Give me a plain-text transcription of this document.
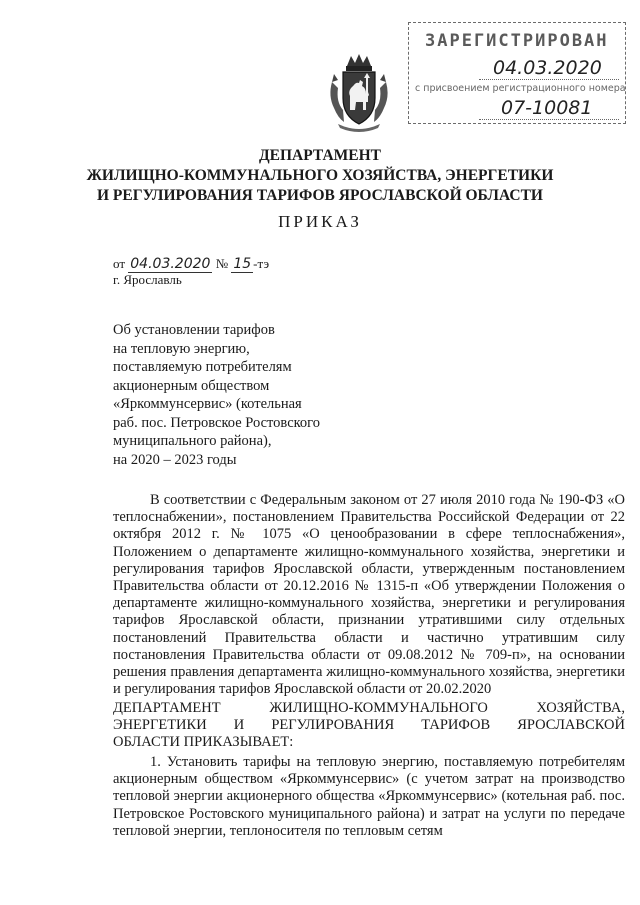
ЗАРЕГИСТРИРОВАН
04.03.2020
с присвоением регистрационного номера
07-10081
ДЕПАРТАМЕНТ
ЖИЛИЩНО-КОММУНАЛЬНОГО ХОЗЯЙСТВА, ЭНЕРГЕТИКИ
И РЕГУЛИРОВАНИЯ ТАРИФОВ ЯРОСЛАВСКОЙ ОБЛАСТИ
ПРИКАЗ
от 04.03.2020 № 15 -тэ
г. Ярославль
Об установлении тарифов
на тепловую энергию,
поставляемую потребителям
акционерным обществом
«Яркоммунсервис» (котельная
раб. пос. Петровское Ростовского
муниципального района),
на 2020 – 2023 годы
В соответствии с Федеральным законом от 27 июля 2010 года № 190-ФЗ «О теплоснабжении», постановлением Правительства Российской Федерации от 22 октября 2012 г. № 1075 «О ценообразовании в сфере теплоснабжения», Положением о департаменте жилищно-коммунального хозяйства, энергетики и регулирования тарифов Ярославской области, утвержденным постановлением Правительства области от 20.12.2016 № 1315-п «Об утверждении Положения о департаменте жилищно-коммунального хозяйства, энергетики и регулирования тарифов Ярославской области, признании утратившими силу отдельных постановлений Правительства области и частично утратившим силу постановления Правительства области от 09.08.2012 № 709-п», на основании решения правления департамента жилищно-коммунального хозяйства, энергетики и регулирования тарифов Ярославской области от 20.02.2020
ДЕПАРТАМЕНТ ЖИЛИЩНО-КОММУНАЛЬНОГО ХОЗЯЙСТВА,
ЭНЕРГЕТИКИ И РЕГУЛИРОВАНИЯ ТАРИФОВ ЯРОСЛАВСКОЙ
ОБЛАСТИ ПРИКАЗЫВАЕТ:
1. Установить тарифы на тепловую энергию, поставляемую потребителям акционерным обществом «Яркоммунсервис» (с учетом затрат на производство тепловой энергии акционерного общества «Яркоммунсервис» (котельная раб. пос. Петровское Ростовского муниципального района) и затрат на услуги по передаче тепловой энергии, теплоносителя по тепловым сетям
